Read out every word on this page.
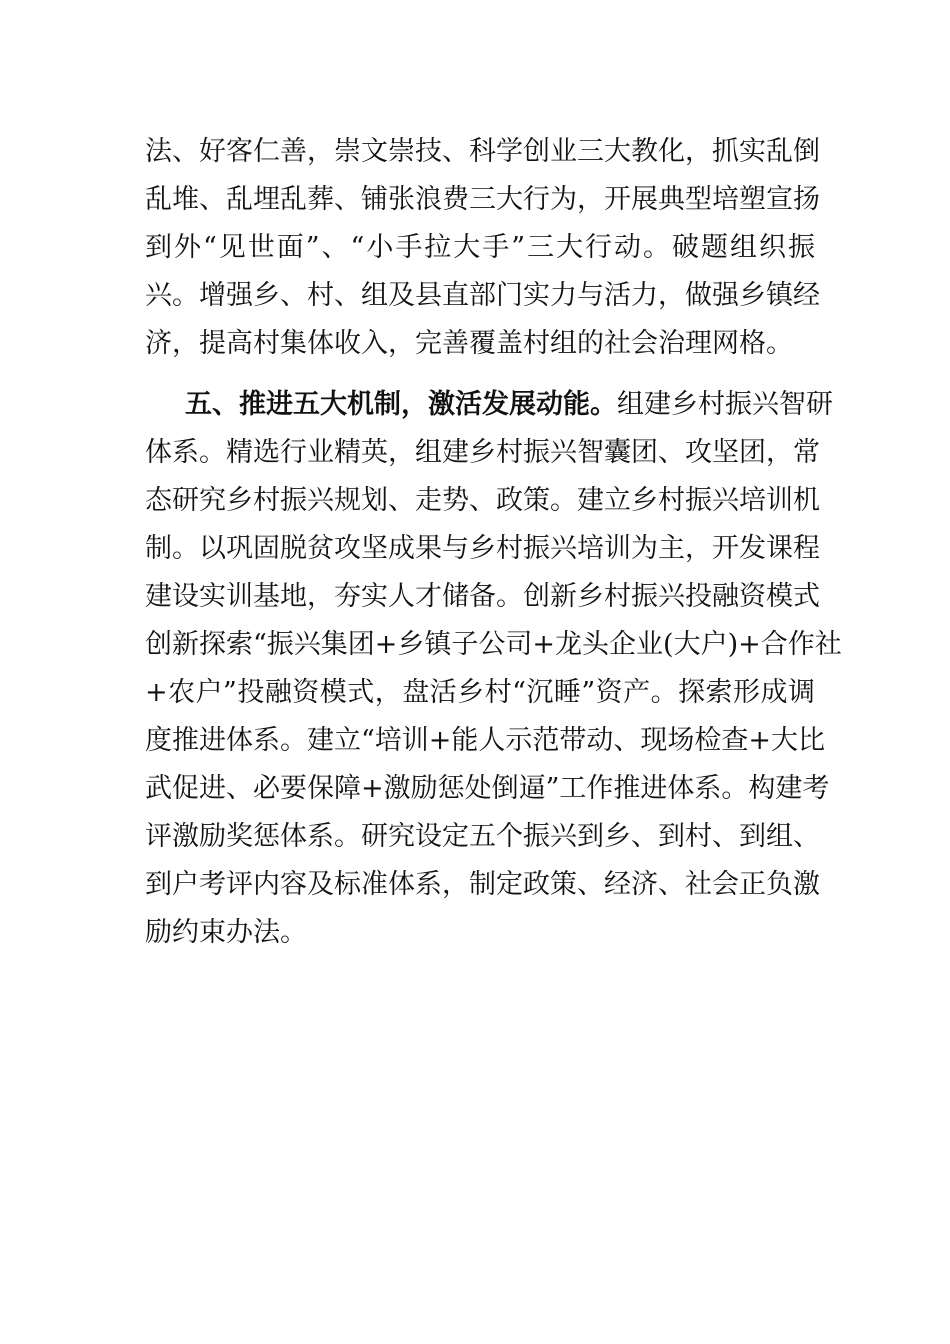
法、好客仁善，崇文崇技、科学创业三大教化，抓实乱倒
乱堆、乱埋乱葬、铺张浪费三大行为，开展典型培塑宣扬
到外“见世面”、“小手拉大手”三大行动。破题组织振
兴。增强乡、村、组及县直部门实力与活力，做强乡镇经
济，提高村集体收入，完善覆盖村组的社会治理网格。
五、推进五大机制，激活发展动能。组建乡村振兴智研
体系。精选行业精英，组建乡村振兴智囊团、攻坚团，常
态研究乡村振兴规划、走势、政策。建立乡村振兴培训机
制。以巩固脱贫攻坚成果与乡村振兴培训为主，开发课程
建设实训基地，夯实人才储备。创新乡村振兴投融资模式
创新探索“振兴集团+乡镇子公司+龙头企业(大户)+合作社
+农户”投融资模式，盘活乡村“沉睡”资产。探索形成调
度推进体系。建立“培训+能人示范带动、现场检查+大比
武促进、必要保障+激励惩处倒逼”工作推进体系。构建考
评激励奖惩体系。研究设定五个振兴到乡、到村、到组、
到户考评内容及标准体系，制定政策、经济、社会正负激
励约束办法。
